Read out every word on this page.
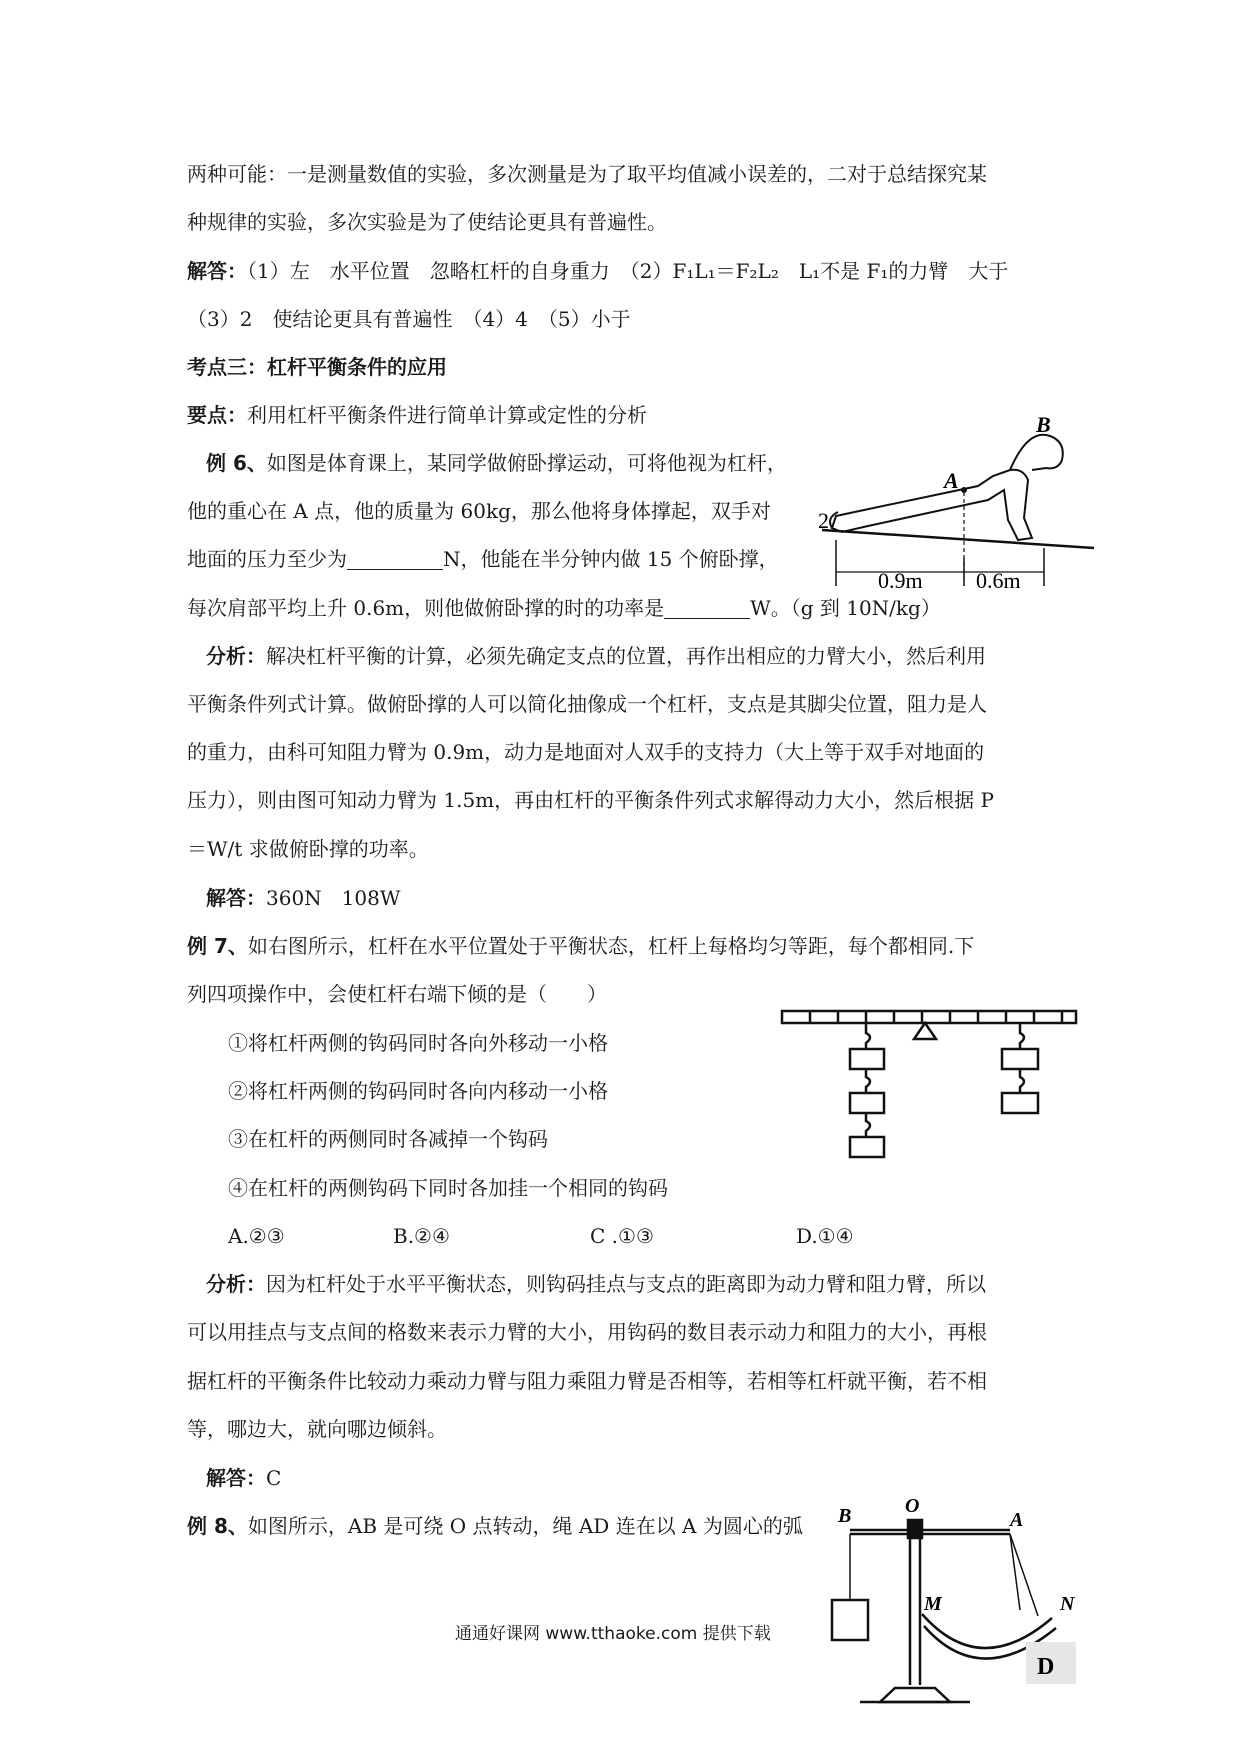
两种可能：一是测量数值的实验，多次测量是为了取平均值减小误差的，二对于总结探究某
种规律的实验，多次实验是为了使结论更具有普遍性。
解答：（1）左　水平位置　忽略杠杆的自身重力　（2）F₁L₁＝F₂L₂　L₁不是 F₁的力臂　大于
（3）2　使结论更具有普遍性　（4）4　（5）小于
考点三：杠杆平衡条件的应用
要点：利用杠杆平衡条件进行简单计算或定性的分析
例 6、如图是体育课上，某同学做俯卧撑运动，可将他视为杠杆，
他的重心在 A 点，他的质量为 60kg，那么他将身体撑起，双手对
地面的压力至少为	N，他能在半分钟内做 15 个俯卧撑，
每次肩部平均上升 0.6m，则他做俯卧撑的时的功率是	W。（g 到 10N/kg）
B
A
2
0.9m 0.6m
分析：解决杠杆平衡的计算，必须先确定支点的位置，再作出相应的力臂大小，然后利用
平衡条件列式计算。做俯卧撑的人可以简化抽像成一个杠杆，支点是其脚尖位置，阻力是人
的重力，由科可知阻力臂为 0.9m，动力是地面对人双手的支持力（大上等于双手对地面的
压力），则由图可知动力臂为 1.5m，再由杠杆的平衡条件列式求解得动力大小，然后根据 P
＝W/t 求做俯卧撑的功率。
解答：360N　108W
例 7、如右图所示，杠杆在水平位置处于平衡状态，杠杆上每格均匀等距，每个都相同.下
列四项操作中，会使杠杆右端下倾的是（　　）
①将杠杆两侧的钩码同时各向外移动一小格
②将杠杆两侧的钩码同时各向内移动一小格
③在杠杆的两侧同时各减掉一个钩码
④在杠杆的两侧钩码下同时各加挂一个相同的钩码
A.②③	B.②④	C .①③	D.①④
分析：因为杠杆处于水平平衡状态，则钩码挂点与支点的距离即为动力臂和阻力臂，所以
可以用挂点与支点间的格数来表示力臂的大小，用钩码的数目表示动力和阻力的大小，再根
据杠杆的平衡条件比较动力乘动力臂与阻力乘阻力臂是否相等，若相等杠杆就平衡，若不相
等，哪边大，就向哪边倾斜。
解答：C
例 8、如图所示，AB 是可绕 O 点转动，绳 AD 连在以 A 为圆心的弧
D
B	O
A
M	N
通通好课网 www.tthaoke.com 提供下载
